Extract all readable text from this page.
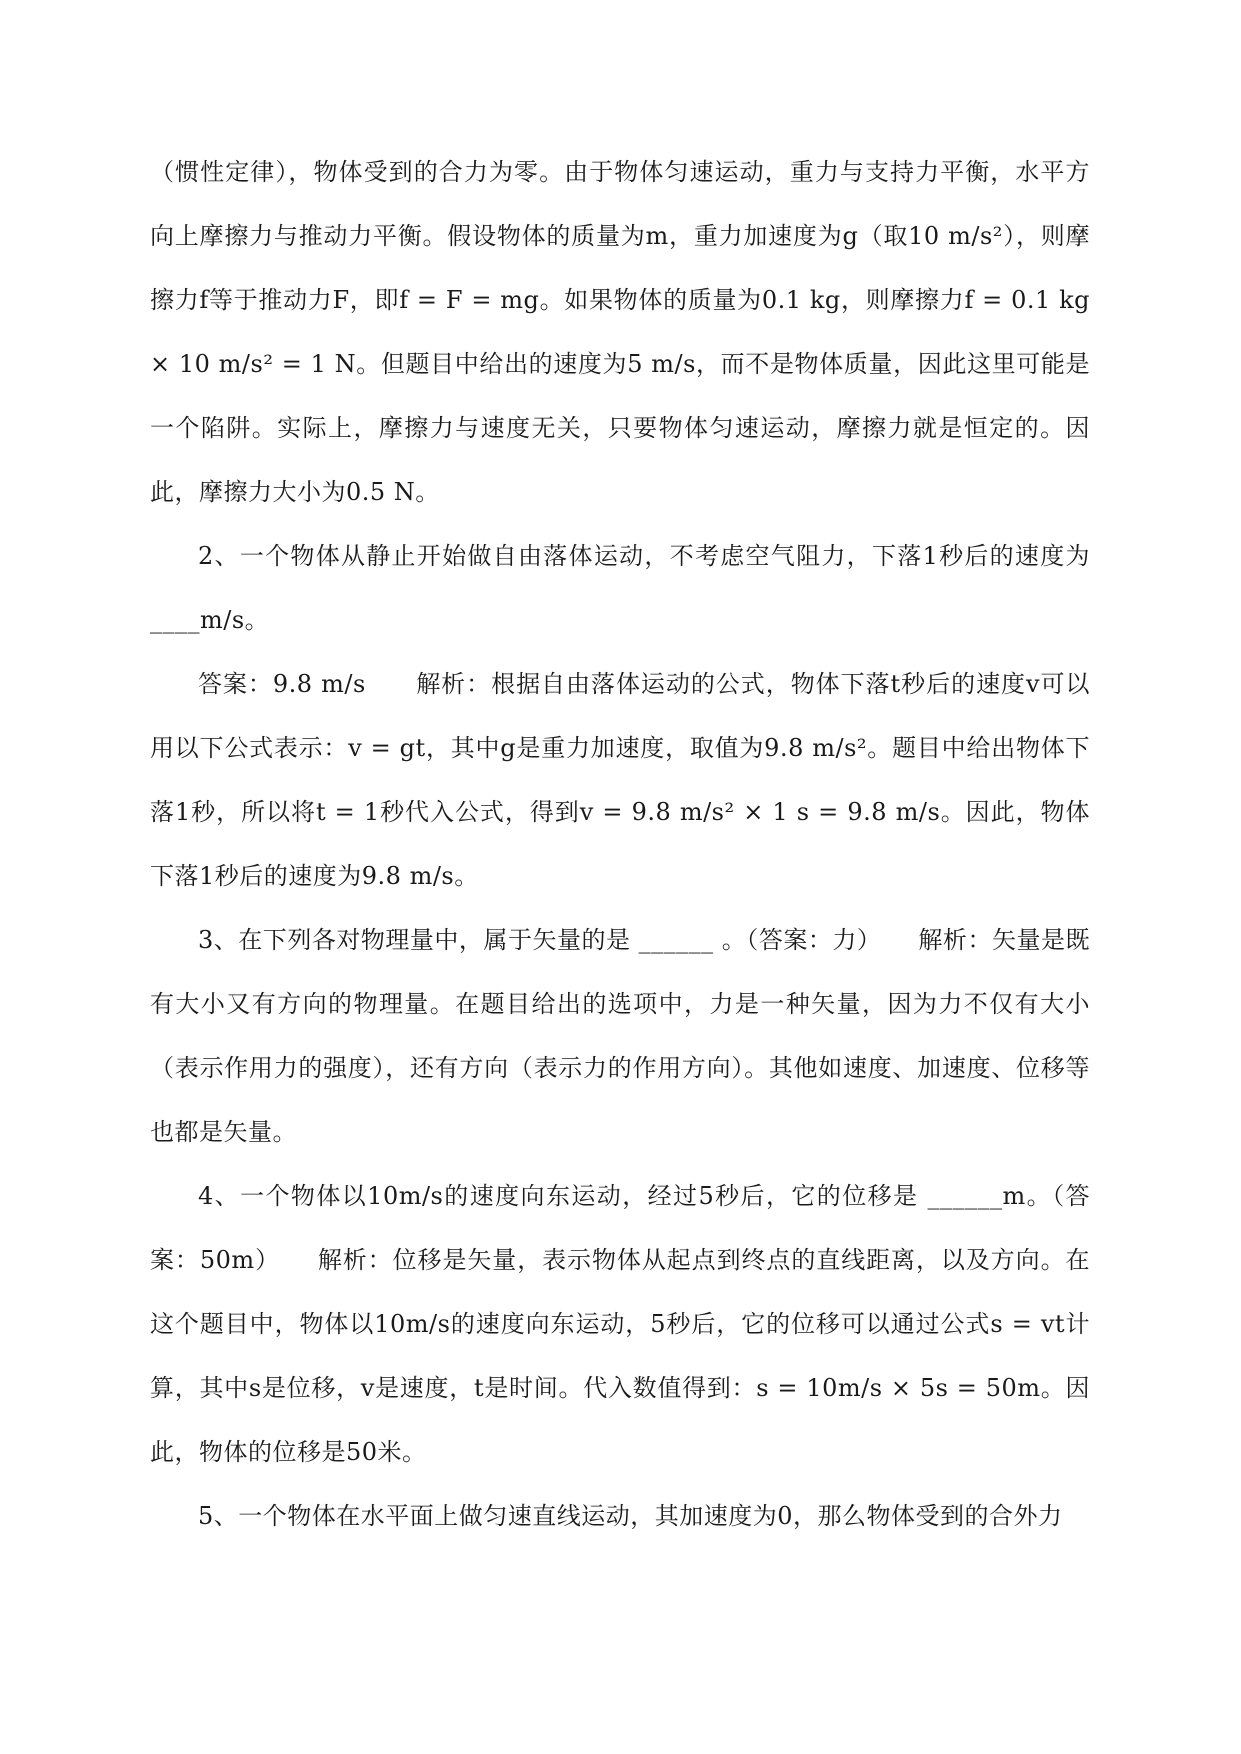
（惯性定律），物体受到的合力为零。由于物体匀速运动，重力与支持力平衡，水平方向上摩擦力与推动力平衡。假设物体的质量为m，重力加速度为g（取10 m/s²），则摩擦力f等于推动力F，即f = F = mg。如果物体的质量为0.1 kg，则摩擦力f = 0.1 kg × 10 m/s² = 1 N。但题目中给出的速度为5 m/s，而不是物体质量，因此这里可能是一个陷阱。实际上，摩擦力与速度无关，只要物体匀速运动，摩擦力就是恒定的。因此，摩擦力大小为0.5 N。

2、一个物体从静止开始做自由落体运动，不考虑空气阻力，下落1秒后的速度为____m/s。

答案：9.8 m/s　　解析：根据自由落体运动的公式，物体下落t秒后的速度v可以用以下公式表示：v = gt，其中g是重力加速度，取值为9.8 m/s²。题目中给出物体下落1秒，所以将t = 1秒代入公式，得到v = 9.8 m/s² × 1 s = 9.8 m/s。因此，物体下落1秒后的速度为9.8 m/s。

3、在下列各对物理量中，属于矢量的是 ______ 。（答案：力）　　解析：矢量是既有大小又有方向的物理量。在题目给出的选项中，力是一种矢量，因为力不仅有大小（表示作用力的强度），还有方向（表示力的作用方向）。其他如速度、加速度、位移等也都是矢量。

4、一个物体以10m/s的速度向东运动，经过5秒后，它的位移是 ______m。（答案：50m）　　解析：位移是矢量，表示物体从起点到终点的直线距离，以及方向。在这个题目中，物体以10m/s的速度向东运动，5秒后，它的位移可以通过公式s = vt计算，其中s是位移，v是速度，t是时间。代入数值得到：s = 10m/s × 5s = 50m。因此，物体的位移是50米。

5、一个物体在水平面上做匀速直线运动，其加速度为0，那么物体受到的合外力
